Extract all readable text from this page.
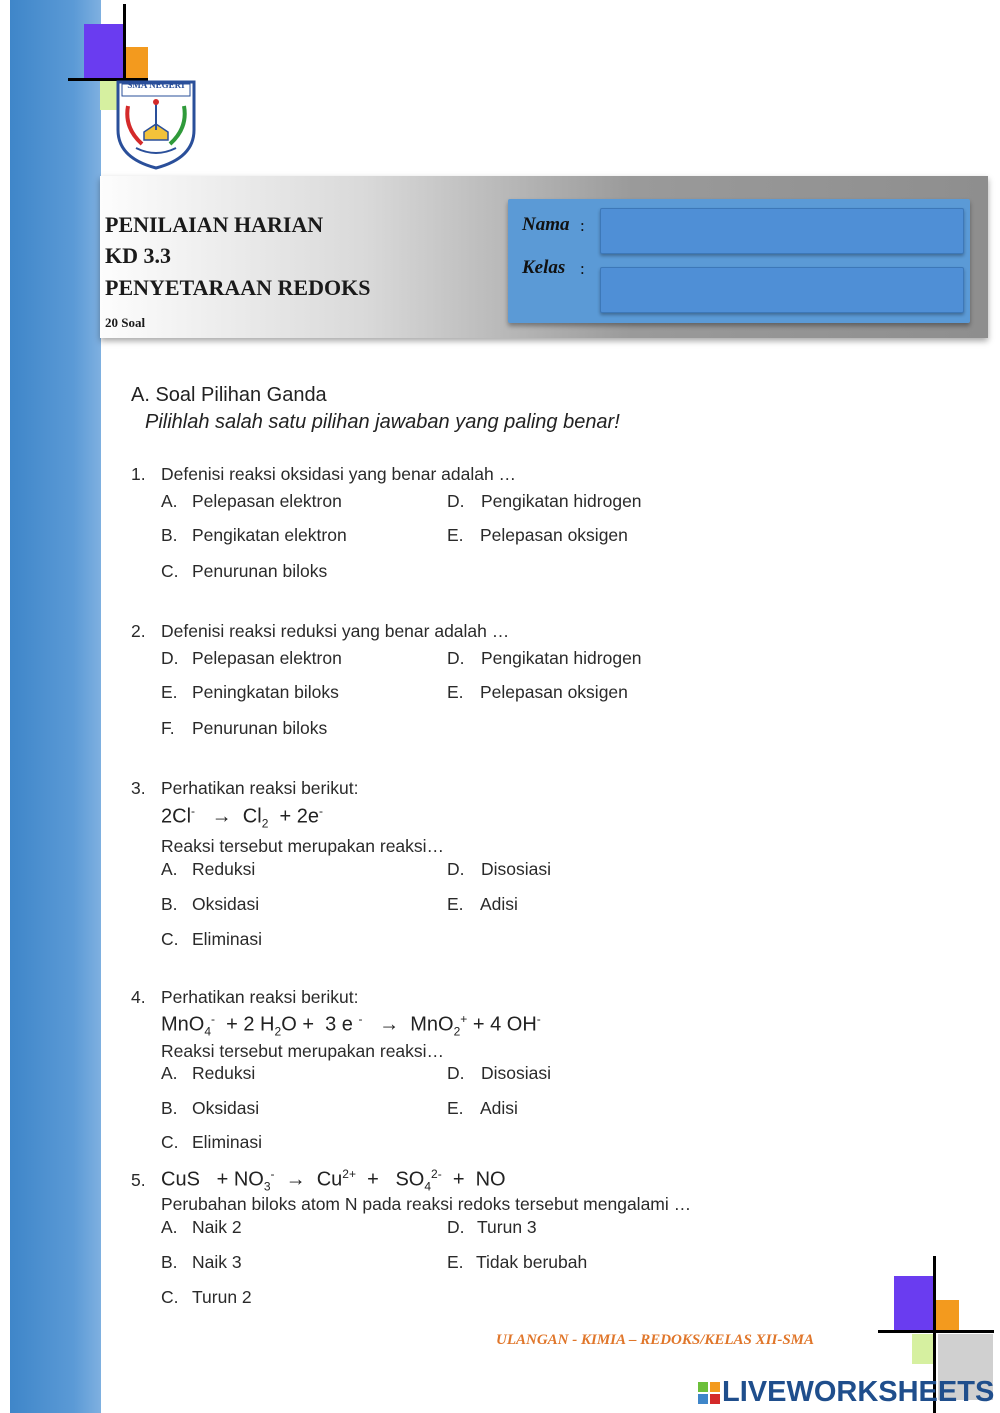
SMA NEGERI
PENILAIAN HARIAN
KD 3.3
PENYETARAAN REDOKS
20 Soal
Nama :
Kelas :
A. Soal Pilihan Ganda
Pilihlah salah satu pilihan jawaban yang paling benar!
1. Defenisi reaksi oksidasi yang benar adalah …
A. Pelepasan elektron
B. Pengikatan elektron
C. Penurunan biloks
D. Pengikatan hidrogen
E. Pelepasan oksigen
2. Defenisi reaksi reduksi yang benar adalah …
D. Pelepasan elektron
E. Peningkatan biloks
F. Penurunan biloks
D. Pengikatan hidrogen
E. Pelepasan oksigen
3. Perhatikan reaksi berikut:
$2Cl^- \to Cl_2 + 2e^-$
Reaksi tersebut merupakan reaksi…
A. Reduksi
B. Oksidasi
C. Eliminasi
D. Disosiasi
E. Adisi
4. Perhatikan reaksi berikut:
MnO$_4$-  + 2 $H_2O + 3$ e -   →  MnO$_2$+ + 4 OH-
Reaksi tersebut merupakan reaksi…
A. Reduksi
B. Oksidasi
C. Eliminasi
D. Disosiasi
E. Adisi
5. CuS   + $NO_3^- \to Cu^{2+} + SO_4^{2-}$  +  NO
Perubahan biloks atom N pada reaksi redoks tersebut mengalami …
A. Naik 2
B. Naik 3
C. Turun 2
D. Turun 3
E. Tidak berubah
ULANGAN - KIMIA – REDOKS/KELAS XII-SMA
LIVEWORKSHEETS
